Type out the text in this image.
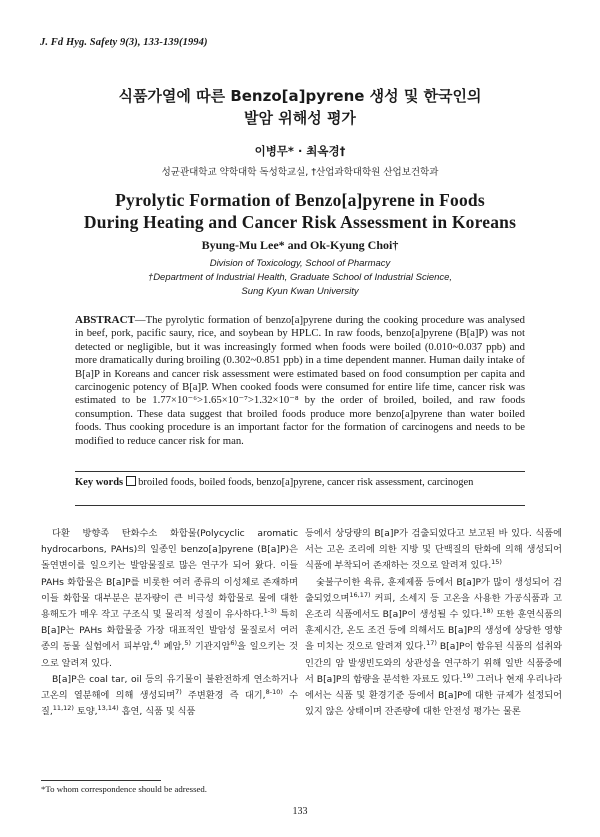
J. Fd Hyg. Safety 9(3), 133-139(1994)
식품가열에 따른 Benzo[a]pyrene 생성 및 한국인의
발암 위해성 평가
이병무* · 최옥경†
성균관대학교 약학대학 독성학교실, †산업과학대학원 산업보건학과
Pyrolytic Formation of Benzo[a]pyrene in Foods
During Heating and Cancer Risk Assessment in Koreans
Byung-Mu Lee* and Ok-Kyung Choi†
Division of Toxicology, School of Pharmacy
†Department of Industrial Health, Graduate School of Industrial Science,
Sung Kyun Kwan University
ABSTRACT—The pyrolytic formation of benzo[a]pyrene during the cooking procedure was analysed in beef, pork, pacific saury, rice, and soybean by HPLC. In raw foods, benzo[a]pyrene (B[a]P) was not detected or negligible, but it was increasingly formed when foods were boiled (0.010~0.037 ppb) and more dramatically during broiling (0.302~0.851 ppb) in a time dependent manner. Human daily intake of B[a]P in Koreans and cancer risk assessment were estimated based on food consumption per capita and carcinogenic potency of B[a]P. When cooked foods were consumed for entire life time, cancer risk was estimated to be 1.77×10⁻⁶>1.65×10⁻⁷>1.32×10⁻⁸ by the order of broiled, boiled, and raw foods consumption. These data suggest that broiled foods produce more benzo[a]pyrene than water boiled foods. Thus cooking procedure is an important factor for the formation of carcinogens and needs to be modified to reduce cancer risk for man.
Key words broiled foods, boiled foods, benzo[a]pyrene, cancer risk assessment, carcinogen

다환 방향족 탄화수소 화합물(Polycyclic aromatic hydrocarbons, PAHs)의 일종인 benzo[a]pyrene (B[a]P)은 돌연변이를 일으키는 발암물질로 많은 연구가 되어 왔다. 이들 PAHs 화합물은 B[a]P를 비롯한 여러 종류의 이성체로 존재하며 이들 화합물 대부분은 분자량이 큰 비극성 화합물로 물에 대한 용해도가 매우 작고 구조식 및 물리적 성질이 유사하다.$^{1-3)}$ 특히 B[a]P는 PAHs 화합물중 가장 대표적인 발암성 물질로서 여러 종의 동물 실험에서 피부암,$^{4)}$ 폐암,$^{5)}$ 기관지암$^{6)}$을 일으키는 것으로 알려져 있다.

B[a]P은 coal tar, oil 등의 유기물이 불완전하게 연소하거나 고온의 열분해에 의해 생성되며$^{7)}$ 주변환경 즉 대기,$^{8-10)}$ 수질,$^{11,12)}$ 토양,$^{13,14)}$ 흡연, 식품 및 식품

등에서 상당량의 B[a]P가 검출되었다고 보고된 바 있다. 식품에서는 고온 조리에 의한 지방 및 단백질의 탄화에 의해 생성되어 식품에 부착되어 존재하는 것으로 알려져 있다.$^{15)}$

숯불구이한 육류, 훈제제품 등에서 B[a]P가 많이 생성되어 검출되었으며$^{16,17)}$ 커피, 소세지 등 고온을 사용한 가공식품과 고온조리 식품에서도 B[a]P이 생성될 수 있다.$^{18)}$ 또한 훈연식품의 훈제시간, 온도 조건 등에 의해서도 B[a]P의 생성에 상당한 영향을 미치는 것으로 알려져 있다.$^{17)}$ B[a]P이 함유된 식품의 섭취와 인간의 암 발생빈도와의 상관성을 연구하기 위해 일반 식품중에서 B[a]P의 함량을 분석한 자료도 있다.$^{19)}$ 그러나 현재 우리나라에서는 식품 및 환경기준 등에서 B[a]P에 대한 규제가 설정되어 있지 않은 상태이며 잔존량에 대한 안전성 평가는 물론

*To whom correspondence should be adressed.
133
